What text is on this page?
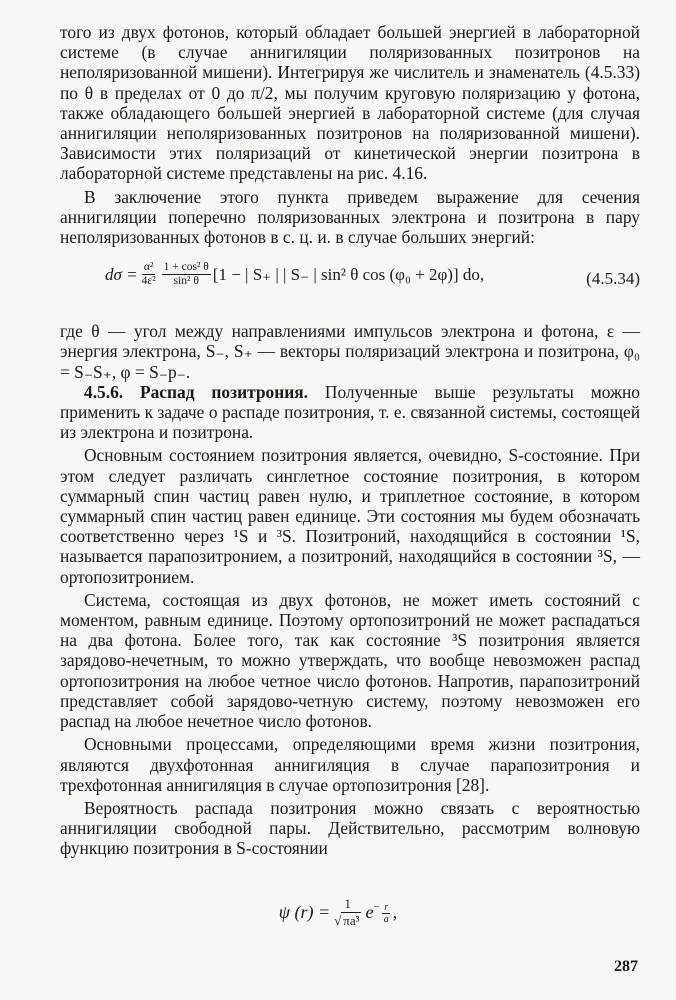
того из двух фотонов, который обладает большей энергией в лабораторной системе (в случае аннигиляции поляризованных позитронов на неполяризованной мишени). Интегрируя же числитель и знаменатель (4.5.33) по θ в пределах от 0 до π/2, мы получим круговую поляризацию y фотона, также обладающего большей энергией в лабораторной системе (для случая аннигиляции неполяризованных позитронов на поляризованной мишени). Зависимости этих поляризаций от кинетической энергии позитрона в лабораторной системе представлены на рис. 4.16.

В заключение этого пункта приведем выражение для сечения аннигиляции поперечно поляризованных электрона и позитрона в пару неполяризованных фотонов в с. ц. и. в случае больших энергий:

$d\sigma = \frac{\text{α²}}{\text{4ε²}} \frac{\text{1 + cos² θ}}{\text{sin² θ}} [1$ − | S₊ | | S₋ | sin² θ cos (φ₀ + 2φ)] do,	(4.5.34)

где θ — угол между направлениями импульсов электрона и фотона, ε — энергия электрона, S₋, S₊ — векторы поляризаций электрона и позитрона, φ₀ = S₋S₊, φ = S₋p₋.

4.5.6. Распад позитрония. Полученные выше результаты можно применить к задаче о распаде позитрония, т. е. связанной системы, состоящей из электрона и позитрона.

Основным состоянием позитрония является, очевидно, S-состояние. При этом следует различать синглетное состояние позитрония, в котором суммарный спин частиц равен нулю, и триплетное состояние, в котором суммарный спин частиц равен единице. Эти состояния мы будем обозначать соответственно через ¹S и ³S. Позитроний, находящийся в состоянии ¹S, называется парапозитронием, а позитроний, находящийся в состоянии ³S, — ортопозитронием.

Система, состоящая из двух фотонов, не может иметь состояний с моментом, равным единице. Поэтому ортопозитроний не может распадаться на два фотона. Более того, так как состояние ³S позитрония является зарядово-нечетным, то можно утверждать, что вообще невозможен распад ортопозитрония на любое четное число фотонов. Напротив, парапозитроний представляет собой зарядово-четную систему, поэтому невозможен его распад на любое нечетное число фотонов.

Основными процессами, определяющими время жизни позитрония, являются двухфотонная аннигиляция в случае парапозитрония и трехфотонная аннигиляция в случае ортопозитрония [28].

Вероятность распада позитрония можно связать с вероятностью аннигиляции свободной пары. Действительно, рассмотрим волновую функцию позитрония в S-состоянии

ψ $(r) = \frac{1}{\text{√ πa³}}$ $e - \frac{r}{a}$ ,
287
